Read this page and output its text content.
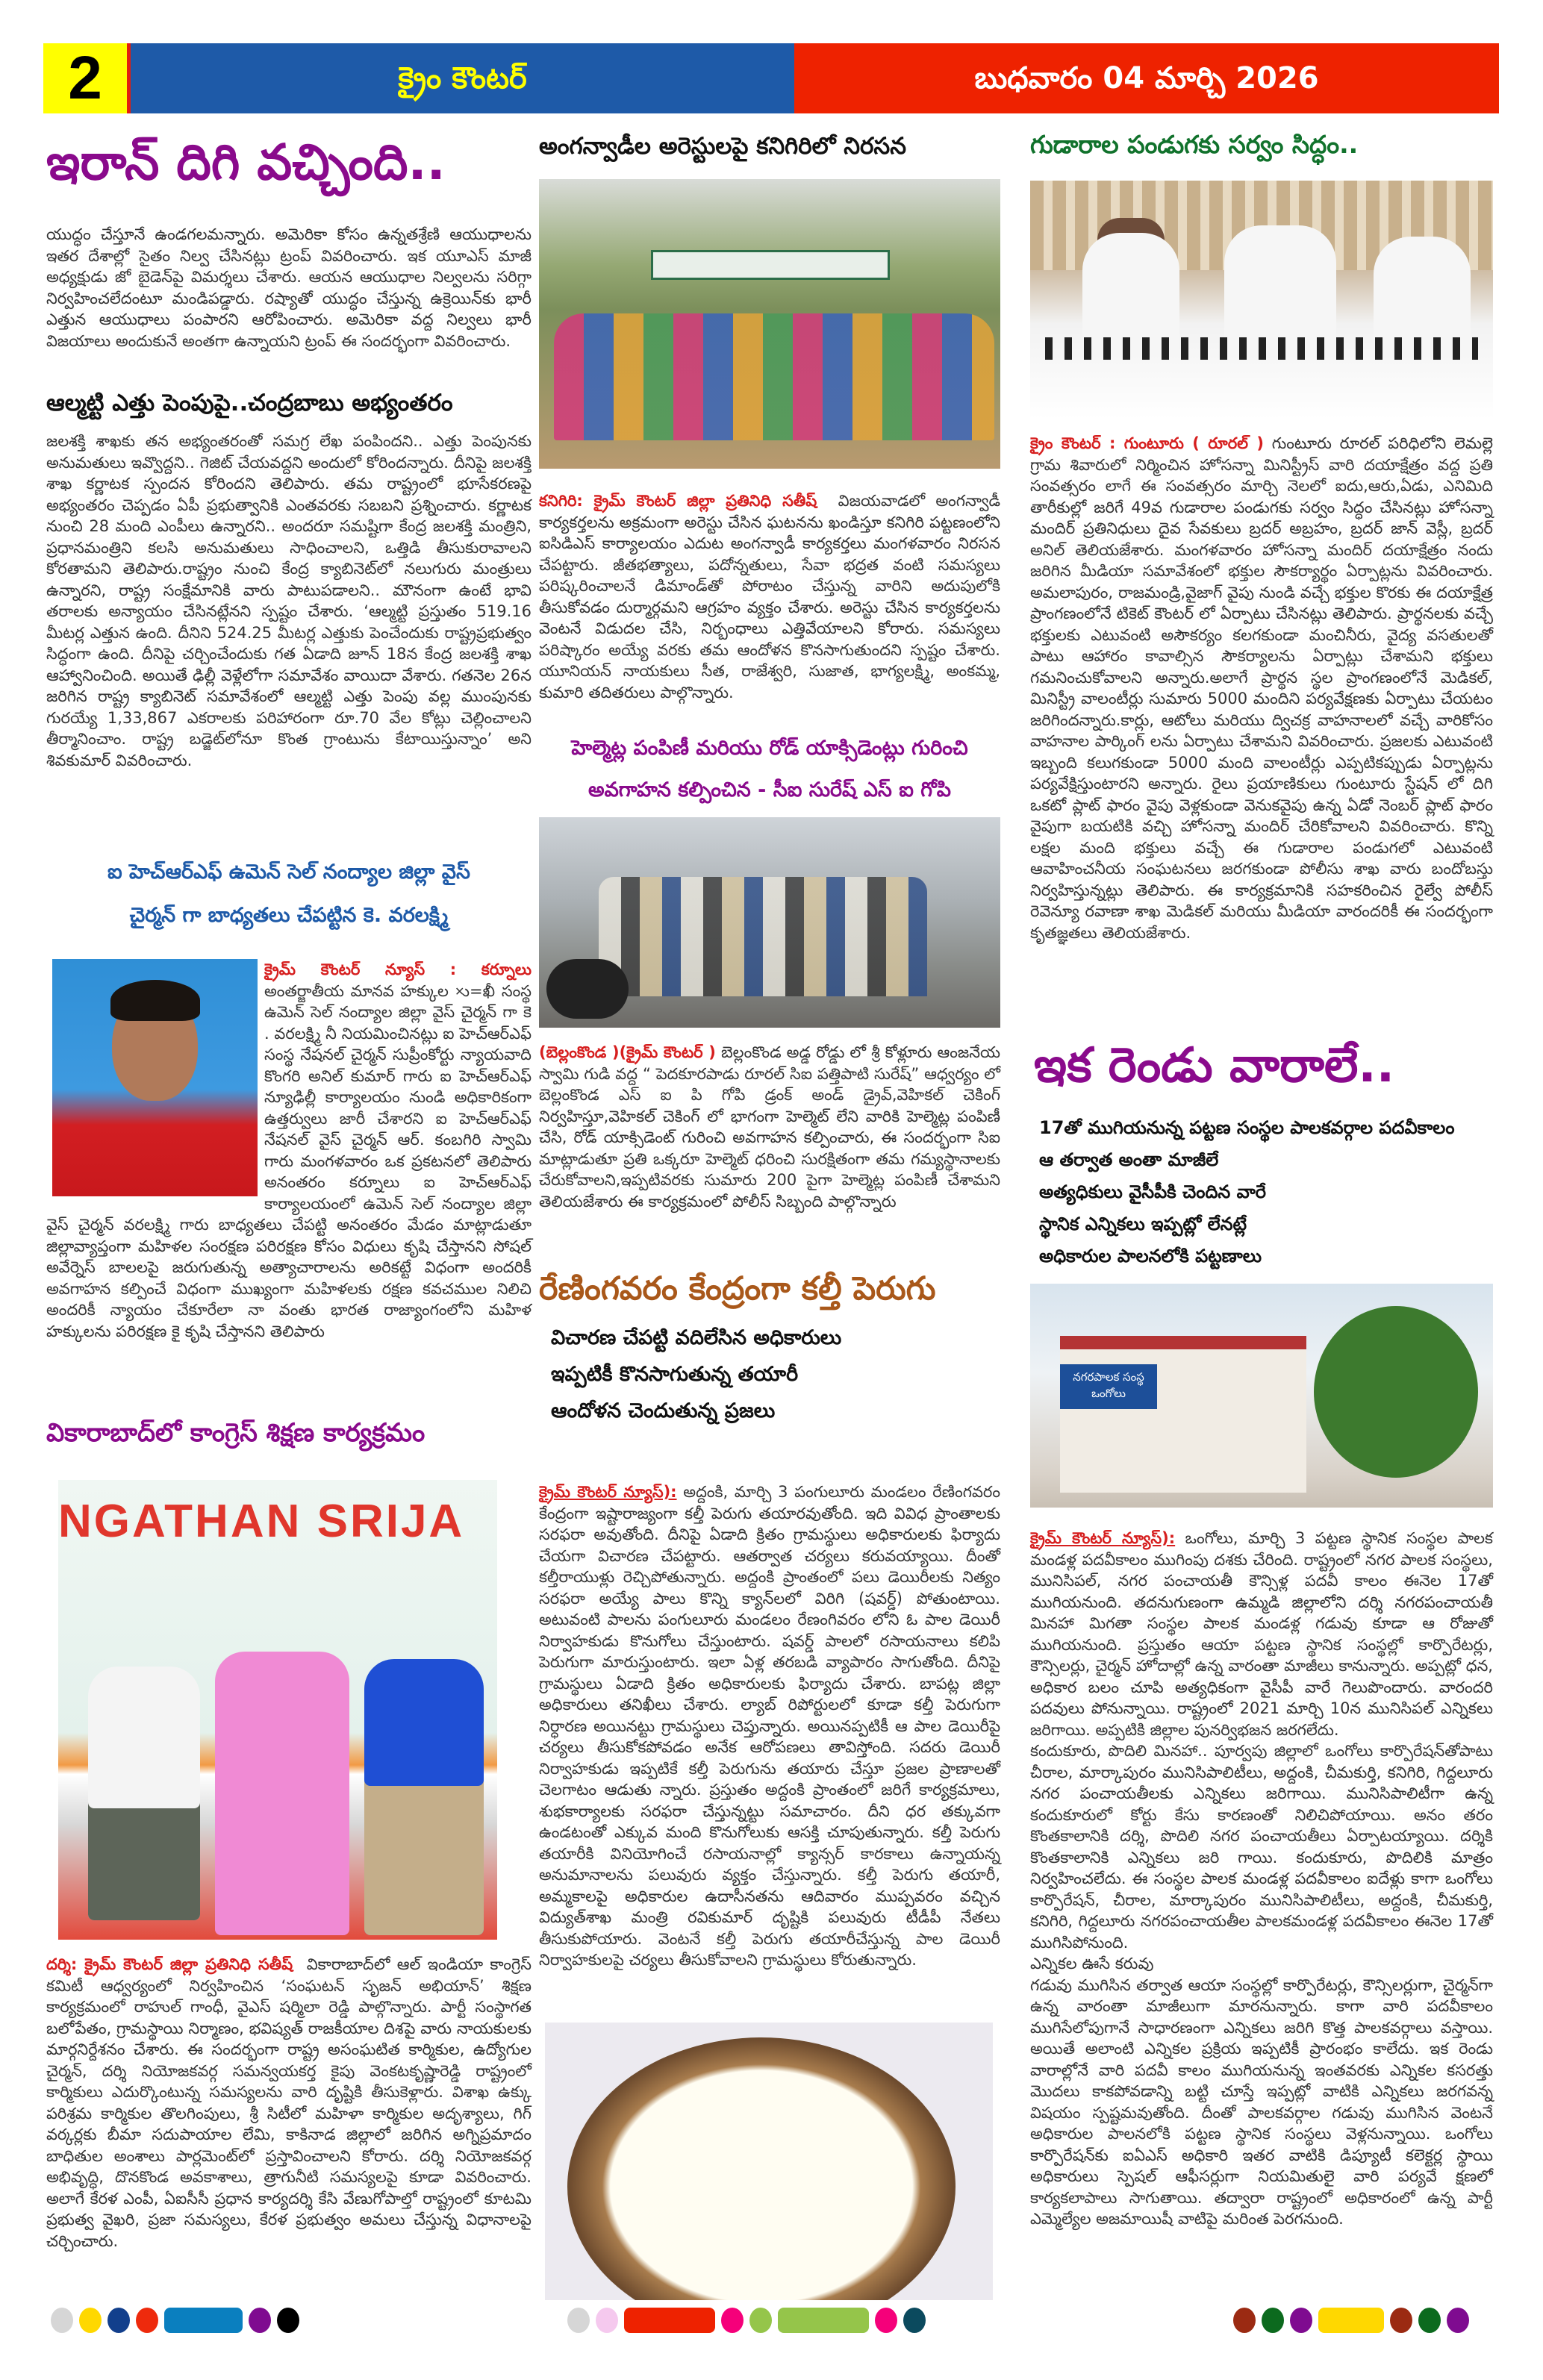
2	క్రైం కౌంటర్	బుధవారం 04 మార్చి 2026
ఇరాన్ దిగి వచ్చింది..
యుద్ధం చేస్తూనే ఉండగలమన్నారు. అమెరికా కోసం ఉన్నతశ్రేణి ఆయుధాలను ఇతర దేశాల్లో సైతం నిల్వ చేసినట్లు ట్రంప్ వివరించారు. ఇక యూఎస్ మాజీ అధ్యక్షుడు జో బైడెన్‌పై విమర్శలు చేశారు. ఆయన ఆయుధాల నిల్వలను సరిగ్గా నిర్వహించలేదంటూ మండిపడ్డారు. రష్యాతో యుద్ధం చేస్తున్న ఉక్రెయిన్‌కు భారీ ఎత్తున ఆయుధాలు పంపారని ఆరోపించారు. అమెరికా వద్ద నిల్వలు భారీ విజయాలు అందుకునే అంతగా ఉన్నాయని ట్రంప్ ఈ సందర్భంగా వివరించారు.
ఆల్మట్టి ఎత్తు పెంపుపై..చంద్రబాబు అభ్యంతరం
జలశక్తి శాఖకు తన అభ్యంతరంతో సమగ్ర లేఖ పంపిందని.. ఎత్తు పెంపునకు అనుమతులు ఇవ్వొద్దని.. గెజిట్ చేయవద్దని అందులో కోరిందన్నారు. దీనిపై జలశక్తి శాఖ కర్ణాటక స్పందన కోరిందని తెలిపారు. తమ రాష్ట్రంలో భూసేకరణపై అభ్యంతరం చెప్పడం ఏపీ ప్రభుత్వానికి ఎంతవరకు సబబని ప్రశ్నించారు. కర్ణాటక నుంచి 28 మంది ఎంపీలు ఉన్నారని.. అందరూ సమష్టిగా కేంద్ర జలశక్తి మంత్రిని, ప్రధానమంత్రిని కలసి అనుమతులు సాధించాలని, ఒత్తిడి తీసుకురావాలని కోరతామని తెలిపారు.రాష్ట్రం నుంచి కేంద్ర క్యాబినెట్‌లో నలుగురు మంత్రులు ఉన్నారని, రాష్ట్ర సంక్షేమానికి వారు పాటుపడాలని.. మౌనంగా ఉంటే భావి తరాలకు అన్యాయం చేసినట్లేనని స్పష్టం చేశారు. ‘ఆల్మట్టి ప్రస్తుతం 519.16 మీటర్ల ఎత్తున ఉంది. దీనిని 524.25 మీటర్ల ఎత్తుకు పెంచేందుకు రాష్ట్రప్రభుత్వం సిద్ధంగా ఉంది. దీనిపై చర్చించేందుకు గత ఏడాది జూన్ 18న కేంద్ర జలశక్తి శాఖ ఆహ్వానించింది. అయితే ఢిల్లీ వెళ్లేలోగా సమావేశం వాయిదా వేశారు. గతనెల 26న జరిగిన రాష్ట్ర క్యాబినెట్ సమావేశంలో ఆల్మట్టి ఎత్తు పెంపు వల్ల ముంపునకు గురయ్యే 1,33,867 ఎకరాలకు పరిహారంగా రూ.70 వేల కోట్లు చెల్లించాలని తీర్మానించాం. రాష్ట్ర బడ్జెట్‌లోనూ కొంత గ్రాంటును కేటాయిస్తున్నాం’ అని శివకుమార్ వివరించారు.
ఐ హెచ్ఆర్ఎఫ్ ఉమెన్ సెల్ నంద్యాల జిల్లా వైస్
చైర్మన్ గా బాధ్యతలు చేపట్టిన కె. వరలక్ష్మి
క్రైమ్ కౌంటర్ న్యూస్ : కర్నూలు అంతర్జాతీయ మానవ హక్కుల ×ు=ఖీ సంస్థ ఉమెన్ సెల్ నంద్యాల జిల్లా వైస్ చైర్మన్ గా కె . వరలక్ష్మి నీ నియమించినట్లు ఐ హెచ్ఆర్ఎఫ్ సంస్థ నేషనల్ చైర్మన్ సుప్రీంకోర్టు న్యాయవాది కొంగరి అనిల్ కుమార్ గారు ఐ హెచ్ఆర్ఎఫ్ న్యూఢిల్లీ కార్యాలయం నుండి అధికారికంగా ఉత్తర్వులు జారీ చేశారని ఐ హెచ్ఆర్ఎఫ్ నేషనల్ వైస్ చైర్మన్ ఆర్. కంబగిరి స్వామి గారు మంగళవారం ఒక ప్రకటనలో తెలిపారు అనంతరం కర్నూలు ఐ హెచ్ఆర్ఎఫ్ కార్యాలయంలో ఉమెన్ సెల్ నంద్యాల జిల్లా వైస్ చైర్మన్ వరలక్ష్మి గారు బాధ్యతలు చేపట్టి అనంతరం మేడం మాట్లాడుతూ జిల్లావ్యాప్తంగా మహిళల సంరక్షణ పరిరక్షణ కోసం విధులు కృషి చేస్తానని సోషల్ అవేర్నెస్ బాలలపై జరుగుతున్న అత్యాచారాలను అరికట్టే విధంగా అందరికీ అవగాహన కల్పించే విధంగా ముఖ్యంగా మహిళలకు రక్షణ కవచముల నిలిచి అందరికీ న్యాయం చేకూరేలా నా వంతు భారత రాజ్యాంగంలోని మహిళ హక్కులను పరిరక్షణ కై కృషి చేస్తానని తెలిపారు
వికారాబాద్‌లో కాంగ్రెస్ శిక్షణ కార్యక్రమం
NGATHAN SRIJA
దర్శి: క్రైమ్ కౌంటర్ జిల్లా ప్రతినిధి సతీష్ వికారాబాద్‌లో ఆల్ ఇండియా కాంగ్రెస్ కమిటీ ఆధ్వర్యంలో నిర్వహించిన ‘సంఘటన్ సృజన్ అభియాన్’ శిక్షణ కార్యక్రమంలో రాహుల్ గాంధీ, వైఎస్ షర్మిలా రెడ్డి పాల్గొన్నారు. పార్టీ సంస్థాగత బలోపేతం, గ్రామస్థాయి నిర్మాణం, భవిష్యత్ రాజకీయాల దిశపై వారు నాయకులకు మార్గనిర్దేశనం చేశారు. ఈ సందర్భంగా రాష్ట్ర అసంఘటిత కార్మికుల, ఉద్యోగుల చైర్మన్, దర్శి నియోజకవర్గ సమన్వయకర్త కైపు వెంకటకృష్ణారెడ్డి రాష్ట్రంలో కార్మికులు ఎదుర్కొంటున్న సమస్యలను వారి దృష్టికి తీసుకెళ్లారు. విశాఖ ఉక్కు పరిశ్రమ కార్మికుల తొలగింపులు, శ్రీ సిటీలో మహిళా కార్మికుల అదృశ్యాలు, గిగ్ వర్కర్లకు బీమా సదుపాయాల లేమి, కాకినాడ జిల్లాలో జరిగిన అగ్నిప్రమాదం బాధితుల అంశాలు పార్లమెంట్‌లో ప్రస్తావించాలని కోరారు. దర్శి నియోజకవర్గ అభివృద్ధి, దొనకొండ అవకాశాలు, త్రాగునీటి సమస్యలపై కూడా వివరించారు. అలాగే కేరళ ఎంపీ, ఏఐసీసీ ప్రధాన కార్యదర్శి కేసి వేణుగోపాల్తో రాష్ట్రంలో కూటమి ప్రభుత్వ వైఖరి, ప్రజా సమస్యలు, కేరళ ప్రభుత్వం అమలు చేస్తున్న విధానాలపై చర్చించారు.
అంగన్వాడీల అరెస్టులపై కనిగిరిలో నిరసన
కనిగిరి: క్రైమ్ కౌంటర్ జిల్లా ప్రతినిధి సతీష్ విజయవాడలో అంగన్వాడీ కార్యకర్తలను అక్రమంగా అరెస్టు చేసిన ఘటనను ఖండిస్తూ కనిగిరి పట్టణంలోని ఐసిడిఎస్ కార్యాలయం ఎదుట అంగన్వాడీ కార్యకర్తలు మంగళవారం నిరసన చేపట్టారు. జీతభత్యాలు, పదోన్నతులు, సేవా భద్రత వంటి సమస్యలు పరిష్కరించాలనే డిమాండ్‌తో పోరాటం చేస్తున్న వారిని అదుపులోకి తీసుకోవడం దుర్మార్గమని ఆగ్రహం వ్యక్తం చేశారు. అరెస్టు చేసిన కార్యకర్తలను వెంటనే విడుదల చేసి, నిర్బంధాలు ఎత్తివేయాలని కోరారు. సమస్యలు పరిష్కారం అయ్యే వరకు తమ ఆందోళన కొనసాగుతుందని స్పష్టం చేశారు. యూనియన్ నాయకులు సీత, రాజేశ్వరి, సుజాత, భాగ్యలక్ష్మి, అంకమ్మ, కుమారి తదితరులు పాల్గొన్నారు.
హెల్మెట్ల పంపిణీ మరియు రోడ్ యాక్సిడెంట్లు గురించి
అవగాహన కల్పించిన - సీఐ సురేష్ ఎస్ ఐ గోపి
(బెల్లంకొండ )(క్రైమ్ కౌంటర్ ) బెల్లంకొండ అడ్డ రోడ్డు లో శ్రీ కోళ్లూరు ఆంజనేయ స్వామి గుడి వద్ద “ పెదకూరపాడు రూరల్ సిఐ పత్తిపాటి సురేష్” ఆధ్వర్యం లో బెల్లంకొండ ఎస్ ఐ పి గోపి డ్రంక్ అండ్ డ్రైవ్,వెహికల్ చెకింగ్ నిర్వహిస్తూ,వెహికల్ చెకింగ్ లో భాగంగా హెల్మెట్ లేని వారికి హెల్మెట్ల పంపిణీ చేసి, రోడ్ యాక్సిడెంట్ గురించి అవగాహన కల్పించారు, ఈ సందర్భంగా సిఐ మాట్లాడుతూ ప్రతి ఒక్కరూ హెల్మెట్ ధరించి సురక్షితంగా తమ గమ్యస్థానాలకు చేరుకోవాలని,ఇప్పటివరకు సుమారు 200 పైగా హెల్మెట్ల పంపిణీ చేశామని తెలియజేశారు ఈ కార్యక్రమంలో పోలీస్ సిబ్బంది పాల్గొన్నారు
రేణింగవరం కేంద్రంగా కల్తీ పెరుగు
విచారణ చేపట్టి వదిలేసిన అధికారులు
ఇప్పటికీ కొనసాగుతున్న తయారీ
ఆందోళన చెందుతున్న ప్రజలు
క్రైమ్ కౌంటర్ న్యూస్): అద్దంకి, మార్చి 3 పంగులూరు మండలం రేణింగవరం కేంద్రంగా ఇష్టారాజ్యంగా కల్తీ పెరుగు తయారవుతోంది. ఇది వివిధ ప్రాంతాలకు సరఫరా అవుతోంది. దీనిపై ఏడాది క్రితం గ్రామస్థులు అధికారులకు ఫిర్యాదు చేయగా విచారణ చేపట్టారు. ఆతర్వాత చర్యలు కరువయ్యాయి. దీంతో కల్తీరాయుళ్లు రెచ్చిపోతున్నారు. అద్దంకి ప్రాంతంలో పలు డెయిరీలకు నిత్యం సరఫరా అయ్యే పాలు కొన్ని క్యాన్‌లలో విరిగి (షవర్డ్) పోతుంటాయి. అటువంటి పాలను పంగులూరు మండలం రేణంగివరం లోని ఓ పాల డెయిరీ నిర్వాహకుడు కొనుగోలు చేస్తుంటారు. షవర్డ్ పాలలో రసాయనాలు కలిపి పెరుగుగా మారుస్తుంటారు. ఇలా ఏళ్ల తరబడి వ్యాపారం సాగుతోంది. దీనిపై గ్రామస్థులు ఏడాది క్రితం అధికారులకు ఫిర్యాదు చేశారు. బాపట్ల జిల్లా అధికారులు తనిఖీలు చేశారు. ల్యాబ్ రిపోర్టులలో కూడా కల్తీ పెరుగుగా నిర్ధారణ అయినట్టు గ్రామస్థులు చెప్తున్నారు. అయినప్పటికీ ఆ పాల డెయిరీపై చర్యలు తీసుకోకపోవడం అనేక ఆరోపణలు తావిస్తోంది. సదరు డెయిరీ నిర్వాహకుడు ఇప్పటికే కల్తీ పెరుగును తయారు చేస్తూ ప్రజల ప్రాణాలతో చెలగాటం ఆడుతు న్నారు. ప్రస్తుతం అద్దంకి ప్రాంతంలో జరిగే కార్యక్రమాలు, శుభకార్యాలకు సరఫరా చేస్తున్నట్టు సమాచారం. దీని ధర తక్కువగా ఉండటంతో ఎక్కువ మంది కొనుగోలుకు ఆసక్తి చూపుతున్నారు. కల్తీ పెరుగు తయారీకి వినియోగించే రసాయనాల్లో క్యాన్సర్ కారకాలు ఉన్నాయన్న అనుమానాలను పలువురు వ్యక్తం చేస్తున్నారు. కల్తీ పెరుగు తయారీ, అమ్మకాలపై అధికారుల ఉదాసీనతను ఆదివారం ముప్పవరం వచ్చిన విద్యుత్‌శాఖ మంత్రి రవికుమార్ దృష్టికి పలువురు టీడీపీ నేతలు తీసుకుపోయారు. వెంటనే కల్తీ పెరుగు తయారీచేస్తున్న పాల డెయిరీ నిర్వాహకులపై చర్యలు తీసుకోవాలని గ్రామస్థులు కోరుతున్నారు.
గుడారాల పండుగకు సర్వం సిద్ధం..
క్రైం కౌంటర్ : గుంటూరు ( రూరల్ ) గుంటూరు రూరల్ పరిధిలోని లెమల్లె గ్రామ శివారులో నిర్మించిన హోసన్నా మినిస్ట్రీస్ వారి దయాక్షేత్రం వద్ద ప్రతి సంవత్సరం లాగే ఈ సంవత్సరం మార్చి నెలలో ఐదు,ఆరు,ఏడు, ఎనిమిది తారీకుల్లో జరిగే 49వ గుడారాల పండుగకు సర్వం సిద్ధం చేసినట్లు హోసన్నా మందిర్ ప్రతినిధులు దైవ సేవకులు బ్రదర్ అబ్రహం, బ్రదర్ జాన్ వెస్లీ, బ్రదర్ అనిల్ తెలియజేశారు. మంగళవారం హోసన్నా మందిర్ దయాక్షేత్రం నందు జరిగిన మీడియా సమావేశంలో భక్తుల సౌకర్యార్థం ఏర్పాట్లను వివరించారు. అమలాపురం, రాజమండ్రి,వైజాగ్ వైపు నుండి వచ్చే భక్తుల కొరకు ఈ దయాక్షేత్ర ప్రాంగణంలోనే టికెట్ కౌంటర్ లో ఏర్పాటు చేసినట్లు తెలిపారు. ప్రార్థనలకు వచ్చే భక్తులకు ఎటువంటి అసౌకర్యం కలగకుండా మంచినీరు, వైద్య వసతులతో పాటు ఆహారం కావాల్సిన సౌకర్యాలను ఏర్పాట్లు చేశామని భక్తులు గమనించుకోవాలని అన్నారు.అలాగే ప్రార్థన స్థల ప్రాంగణంలోనే మెడికల్, మినిస్ట్రీ వాలంటీర్లు సుమారు 5000 మందిని పర్యవేక్షణకు ఏర్పాటు చేయటం జరిగిందన్నారు.కార్లు, ఆటోలు మరియు ద్విచక్ర వాహనాలలో వచ్చే వారికోసం వాహనాల పార్కింగ్ లను ఏర్పాటు చేశామని వివరించారు. ప్రజలకు ఎటువంటి ఇబ్బంది కలుగకుండా 5000 మంది వాలంటీర్లు ఎప్పటికప్పుడు ఏర్పాట్లను పర్యవేక్షిస్తుంటారని అన్నారు. రైలు ప్రయాణికులు గుంటూరు స్టేషన్ లో దిగి ఒకటో ప్లాట్ ఫారం వైపు వెళ్లకుండా వెనుకవైపు ఉన్న ఏడో నెంబర్ ప్లాట్ ఫారం వైపుగా బయటికి వచ్చి హోసన్నా మందిర్ చేరికోవాలని వివరించారు. కొన్ని లక్షల మంది భక్తులు వచ్చే ఈ గుడారాల పండుగలో ఎటువంటి ఆవాహించనీయ సంఘటనలు జరగకుండా పోలీసు శాఖ వారు బందోబస్తు నిర్వహిస్తున్నట్లు తెలిపారు. ఈ కార్యక్రమానికి సహకరించిన రైల్వే పోలీస్ రెవెన్యూ రవాణా శాఖ మెడికల్ మరియు మీడియా వారందరికీ ఈ సందర్భంగా కృతజ్ఞతలు తెలియజేశారు.
ఇక రెండు వారాలే..
17తో ముగియనున్న పట్టణ సంస్థల పాలకవర్గాల పదవీకాలం
ఆ తర్వాత అంతా మాజీలే
అత్యధికులు వైసీపీకి చెందిన వారే
స్థానిక ఎన్నికలు ఇప్పట్లో లేనట్లే
అధికారుల పాలనలోకి పట్టణాలు
నగరపాలక సంస్థ ఒంగోలు

క్రైమ్ కౌంటర్ న్యూస్): ఒంగోలు, మార్చి 3 పట్టణ స్థానిక సంస్థల పాలక మండళ్ల పదవీకాలం ముగింపు దశకు చేరింది. రాష్ట్రంలో నగర పాలక సంస్థలు, మునిసిపల్, నగర పంచాయతీ కౌన్సిళ్ల పదవీ కాలం ఈనెల 17తో ముగియనుంది. తదనుగుణంగా ఉమ్మడి జిల్లాలోని దర్శి నగరపంచాయతీ మినహా మిగతా సంస్థల పాలక మండళ్ల గడువు కూడా ఆ రోజుతో ముగియనుంది. ప్రస్తుతం ఆయా పట్టణ స్థానిక సంస్థల్లో కార్పొరేటర్లు, కౌన్సిలర్లు, చైర్మన్ హోదాల్లో ఉన్న వారంతా మాజీలు కానున్నారు. అప్పట్లో ధన, అధికార బలం చూపి అత్యధికంగా వైసీపీ వారే గెలుపొందారు. వారందరి పదవులు పోనున్నాయి. రాష్ట్రంలో 2021 మార్చి 10న మునిసిపల్ ఎన్నికలు జరిగాయి. అప్పటికి జిల్లాల పునర్విభజన జరగలేదు.

కందుకూరు, పొదిలి మినహా.. పూర్వపు జిల్లాలో ఒంగోలు కార్పొరేషన్‌తోపాటు చీరాల, మార్కాపురం మునిసిపాలిటీలు, అద్దంకి, చీమకుర్తి, కనిగిరి, గిద్దలూరు నగర పంచాయతీలకు ఎన్నికలు జరిగాయి. మునిసిపాలిటీగా ఉన్న కందుకూరులో కోర్టు కేసు కారణంతో నిలిచిపోయాయి. అనం తరం కొంతకాలానికి దర్శి, పొదిలి నగర పంచాయతీలు ఏర్పాటయ్యాయి. దర్శికి కొంతకాలానికి ఎన్నికలు జరి గాయి. కందుకూరు, పొదిలికి మాత్రం నిర్వహించలేదు. ఈ సంస్థల పాలక మండళ్ల పదవీకాలం ఐదేళ్లు కాగా ఒంగోలు కార్పొరేషన్, చీరాల, మార్కాపురం మునిసిపాలిటీలు, అద్దంకి, చీమకుర్తి, కనిగిరి, గిద్దలూరు నగరపంచాయతీల పాలకమండళ్ల పదవీకాలం ఈనెల 17తో ముగిసిపోనుంది.

ఎన్నికల ఊసే కరువు

గడువు ముగిసిన తర్వాత ఆయా సంస్థల్లో కార్పొరేటర్లు, కౌన్సిలర్లుగా, చైర్మన్‌గా ఉన్న వారంతా మాజీలుగా మారనున్నారు. కాగా వారి పదవీకాలం ముగిసేలోపుగానే సాధారణంగా ఎన్నికలు జరిగి కొత్త పాలకవర్గాలు వస్తాయి. అయితే అలాంటి ఎన్నికల ప్రక్రియ ఇప్పటికీ ప్రారంభం కాలేదు. ఇక రెండు వారాల్లోనే వారి పదవీ కాలం ముగియనున్న ఇంతవరకు ఎన్నికల కసరత్తు మొదలు కాకపోవడాన్ని బట్టి చూస్తే ఇప్పట్లో వాటికి ఎన్నికలు జరగవన్న విషయం స్పష్టమవుతోంది. దీంతో పాలకవర్గాల గడువు ముగిసిన వెంటనే అధికారుల పాలనలోకి పట్టణ స్థానిక సంస్థలు వెళ్లనున్నాయి. ఒంగోలు కార్పొరేషన్‌కు ఐఏఎస్ అధికారి ఇతర వాటికి డిప్యూటీ కలెక్టర్ల స్థాయి అధికారులు స్పెషల్ ఆఫీసర్లుగా నియమితులై వారి పర్యవే క్షణలో కార్యకలాపాలు సాగుతాయి. తద్వారా రాష్ట్రంలో అధికారంలో ఉన్న పార్టీ ఎమ్మెల్యేల అజమాయిషీ వాటిపై మరింత పెరగనుంది.
